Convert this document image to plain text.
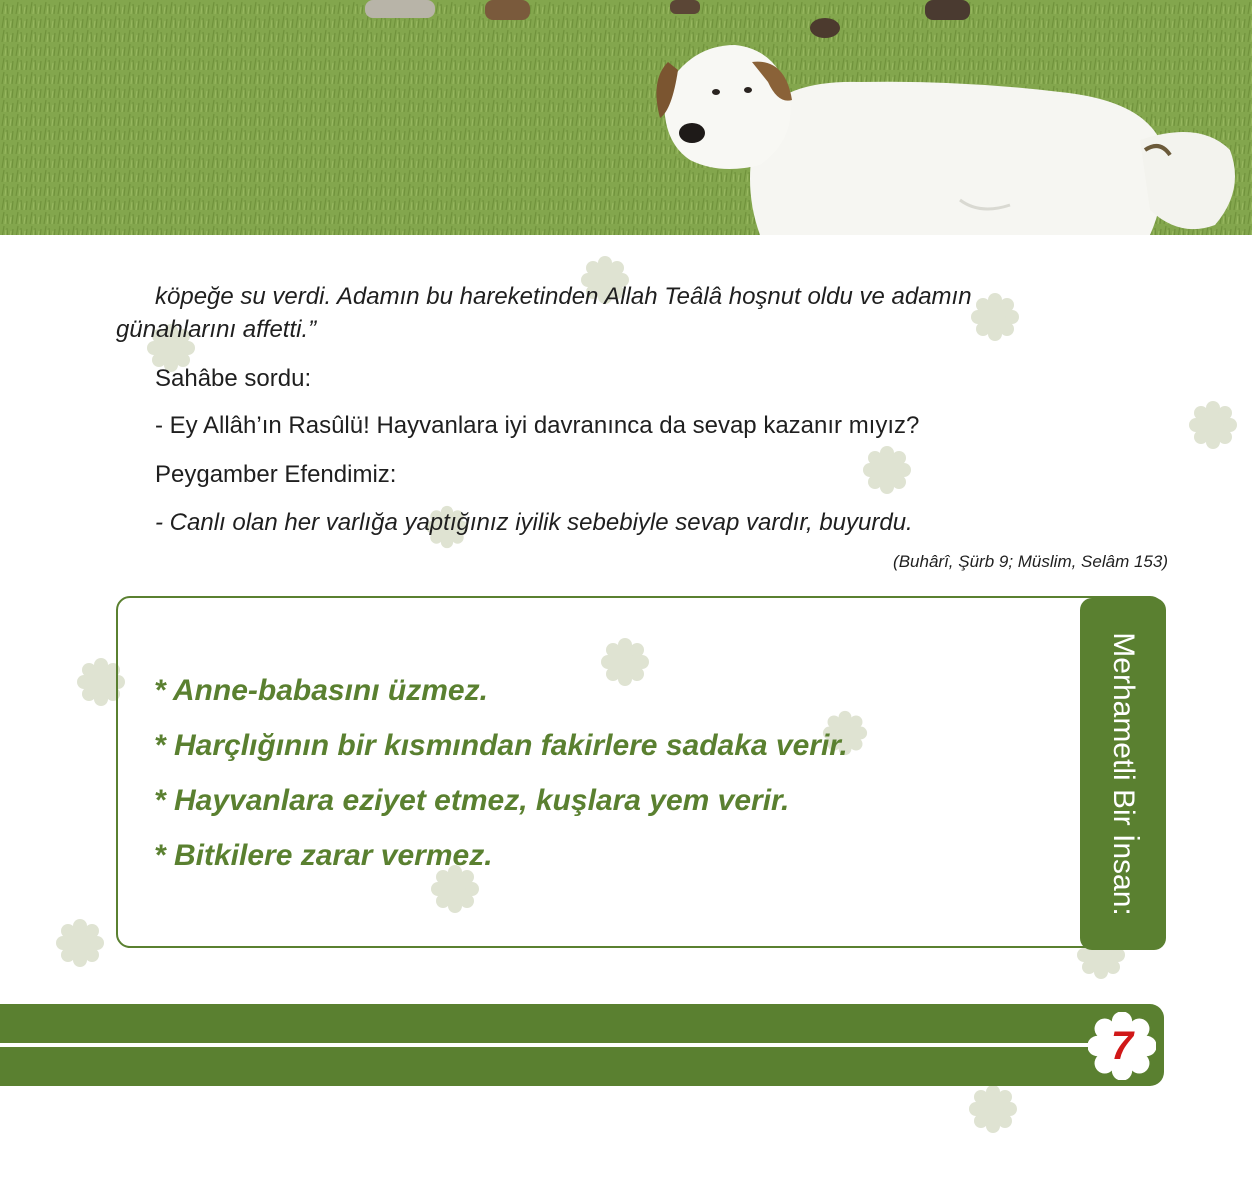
köpeğe su verdi. Adamın bu hareketinden Allah Teâlâ hoşnut oldu ve adamın
günahlarını affetti.”
Sahâbe sordu:
- Ey Allâh’ın Rasûlü! Hayvanlara iyi davranınca da sevap kazanır mıyız?
Peygamber Efendimiz:
- Canlı olan her varlığa yaptığınız iyilik sebebiyle sevap vardır, buyurdu.
(Buhârî, Şürb 9; Müslim, Selâm 153)
Merhametli Bir İnsan:
* Anne-babasını üzmez.
* Harçlığının bir kısmından fakirlere sadaka verir.
* Hayvanlara eziyet etmez, kuşlara yem verir.
* Bitkilere zarar vermez.
7
